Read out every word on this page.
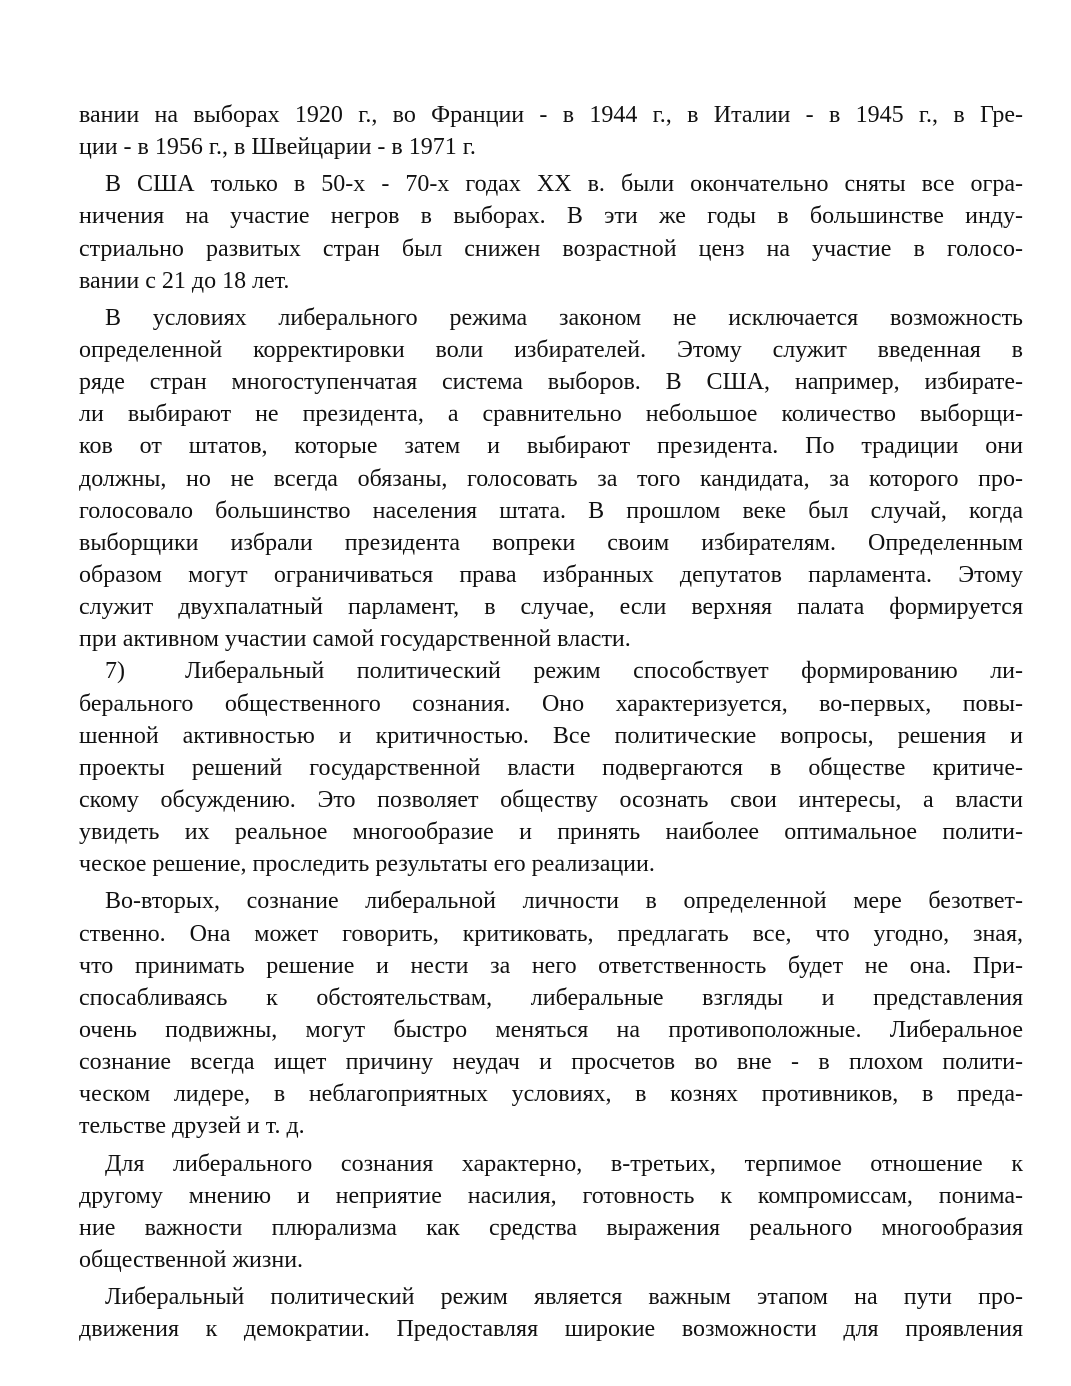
вании на выборах 1920 г., во Франции - в 1944 г., в Италии - в 1945 г., в Гре-
ции - в 1956 г., в Швейцарии - в 1971 г.
В США только в 50-х - 70-х годах XX в. были окончательно сняты все огра-
ничения на участие негров в выборах. В эти же годы в большинстве инду-
стриально развитых стран был снижен возрастной ценз на участие в голосо-
вании с 21 до 18 лет.
В условиях либерального режима законом не исключается возможность
определенной корректировки воли избирателей. Этому служит введенная в
ряде стран многоступенчатая система выборов. В США, например, избирате-
ли выбирают не президента, а сравнительно небольшое количество выборщи-
ков от штатов, которые затем и выбирают президента. По традиции они
должны, но не всегда обязаны, голосовать за того кандидата, за которого про-
голосовало большинство населения штата. В прошлом веке был случай, когда
выборщики избрали президента вопреки своим избирателям. Определенным
образом могут ограничиваться права избранных депутатов парламента. Этому
служит двухпалатный парламент, в случае, если верхняя палата формируется
при активном участии самой государственной власти.
7)	Либеральный политический режим способствует формированию ли-
берального общественного сознания. Оно характеризуется, во-первых, повы-
шенной активностью и критичностью. Все политические вопросы, решения и
проекты решений государственной власти подвергаются в обществе критиче-
скому обсуждению. Это позволяет обществу осознать свои интересы, а власти
увидеть их реальное многообразие и принять наиболее оптимальное полити-
ческое решение, проследить результаты его реализации.
Во-вторых, сознание либеральной личности в определенной мере безответ-
ственно. Она может говорить, критиковать, предлагать все, что угодно, зная,
что принимать решение и нести за него ответственность будет не она. При-
спосабливаясь к обстоятельствам, либеральные взгляды и представления
очень подвижны, могут быстро меняться на противоположные. Либеральное
сознание всегда ищет причину неудач и просчетов во вне - в плохом полити-
ческом лидере, в неблагоприятных условиях, в кознях противников, в преда-
тельстве друзей и т. д.
Для либерального сознания характерно, в-третьих, терпимое отношение к
другому мнению и неприятие насилия, готовность к компромиссам, понима-
ние важности плюрализма как средства выражения реального многообразия
общественной жизни.
Либеральный политический режим является важным этапом на пути про-
движения к демократии. Предоставляя широкие возможности для проявления
